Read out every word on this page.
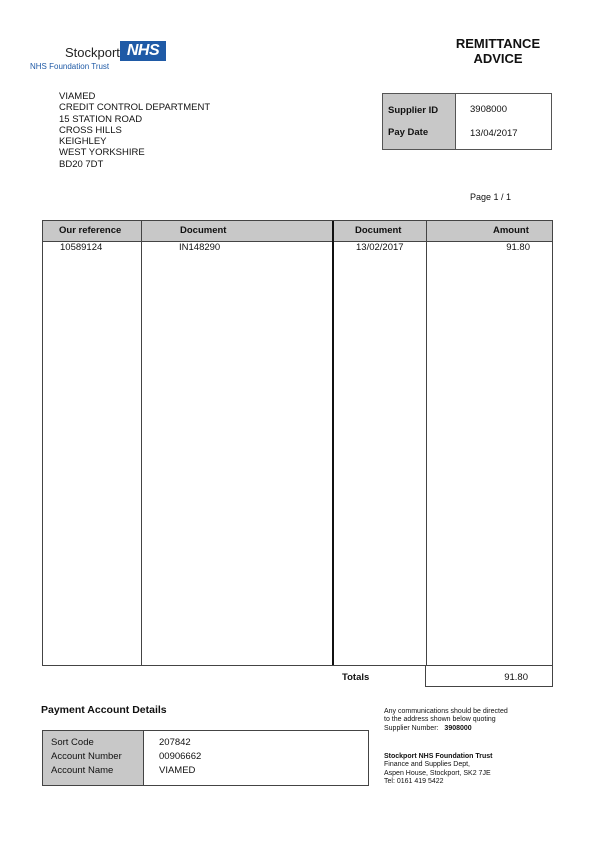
Stockport NHS
NHS Foundation Trust
REMITTANCE
ADVICE
VIAMED
CREDIT CONTROL DEPARTMENT
15 STATION ROAD
CROSS HILLS
KEIGHLEY
WEST YORKSHIRE
BD20 7DT
Supplier ID	3908000
Pay Date	13/04/2017
Page 1 / 1
Our reference	Document	Document	Amount
10589124	IN148290	13/02/2017	91.80
Totals	91.80
Payment Account Details
Sort Code	207842
Account Number	00906662
Account Name	VIAMED
Any communications should be directed
to the address shown below quoting
Supplier Number: 3908000
Stockport NHS Foundation Trust
Finance and Supplies Dept,
Aspen House, Stockport, SK2 7JE
Tel: 0161 419 5422
